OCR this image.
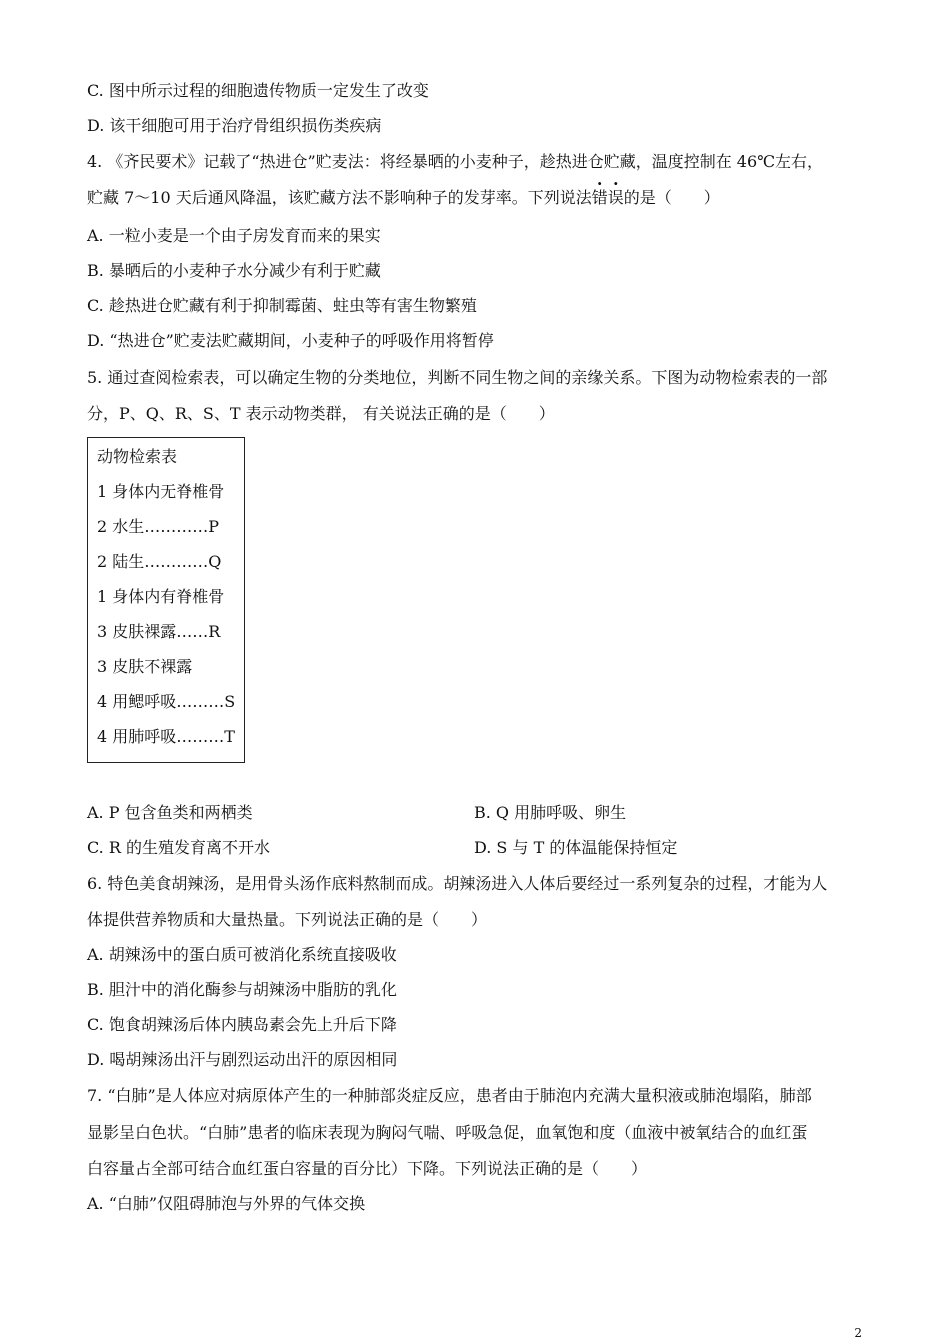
C. 图中所示过程的细胞遗传物质一定发生了改变
D. 该干细胞可用于治疗骨组织损伤类疾病
4. 《齐民要术》记载了“热进仓”贮麦法：将经暴晒的小麦种子，趁热进仓贮藏，温度控制在 46℃左右，
贮藏 7～10 天后通风降温，该贮藏方法不影响种子的发芽率。下列说法错误的是（　　）
A. 一粒小麦是一个由子房发育而来的果实
B. 暴晒后的小麦种子水分减少有利于贮藏
C. 趁热进仓贮藏有利于抑制霉菌、蛀虫等有害生物繁殖
D. “热进仓”贮麦法贮藏期间，小麦种子的呼吸作用将暂停
5. 通过查阅检索表，可以确定生物的分类地位，判断不同生物之间的亲缘关系。下图为动物检索表的一部
分，P、Q、R、S、T 表示动物类群， 有关说法正确的是（　　）
动物检索表
1 身体内无脊椎骨
2 水生…………P
2 陆生…………Q
1 身体内有脊椎骨
3 皮肤裸露……R
3 皮肤不裸露
4 用鳃呼吸………S
4 用肺呼吸………T
A. P 包含鱼类和两栖类	B. Q 用肺呼吸、卵生
C. R 的生殖发育离不开水	D. S 与 T 的体温能保持恒定
6. 特色美食胡辣汤，是用骨头汤作底料熬制而成。胡辣汤进入人体后要经过一系列复杂的过程，才能为人
体提供营养物质和大量热量。下列说法正确的是（　　）
A. 胡辣汤中的蛋白质可被消化系统直接吸收
B. 胆汁中的消化酶参与胡辣汤中脂肪的乳化
C. 饱食胡辣汤后体内胰岛素会先上升后下降
D. 喝胡辣汤出汗与剧烈运动出汗的原因相同
7. “白肺”是人体应对病原体产生的一种肺部炎症反应，患者由于肺泡内充满大量积液或肺泡塌陷，肺部
显影呈白色状。“白肺”患者的临床表现为胸闷气喘、呼吸急促，血氧饱和度（血液中被氧结合的血红蛋
白容量占全部可结合血红蛋白容量的百分比）下降。下列说法正确的是（　　）
A. “白肺”仅阻碍肺泡与外界的气体交换
2
